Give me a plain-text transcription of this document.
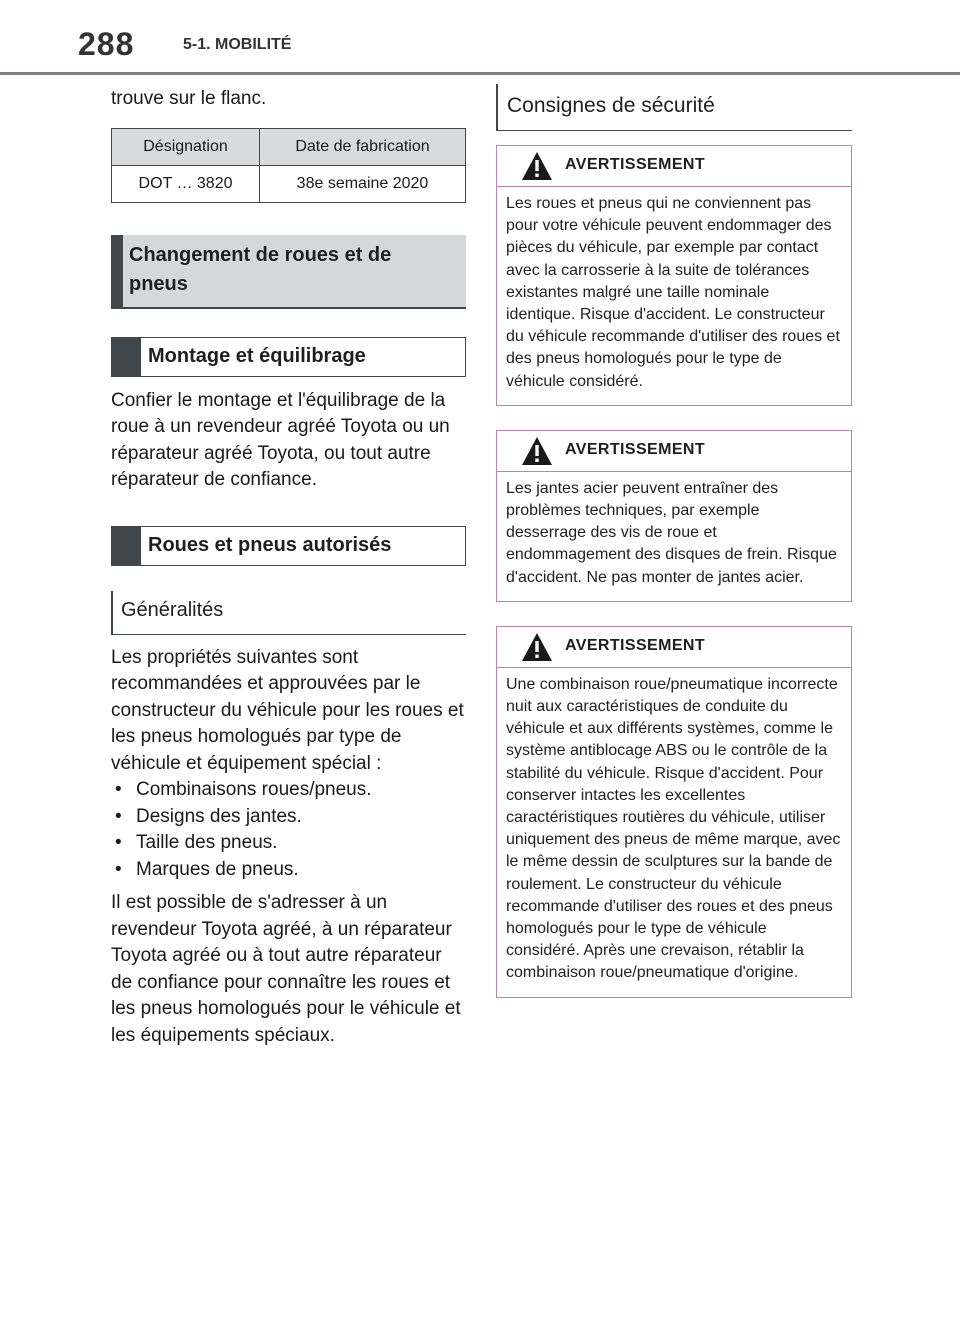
288	5-1. MOBILITÉ

trouve sur le flanc.

Désignation	Date de fabrication
DOT … 3820	38e semaine 2020
Changement de roues et de
pneus
Montage et équilibrage

Confier le montage et l'équilibrage de la roue à un revendeur agréé Toyota ou un réparateur agréé Toyota, ou tout autre réparateur de confiance.

Roues et pneus autorisés
Généralités

Les propriétés suivantes sont recommandées et approuvées par le constructeur du véhicule pour les roues et les pneus homologués par type de véhicule et équipement spécial :

• Combinaisons roues/pneus.
• Designs des jantes.
• Taille des pneus.
• Marques de pneus.

Il est possible de s'adresser à un revendeur Toyota agréé, à un réparateur Toyota agréé ou à tout autre réparateur de confiance pour connaître les roues et les pneus homologués pour le véhicule et les équipements spéciaux.

Consignes de sécurité
AVERTISSEMENT
Les roues et pneus qui ne conviennent pas pour votre véhicule peuvent endommager des pièces du véhicule, par exemple par contact avec la carrosserie à la suite de tolérances existantes malgré une taille nominale identique. Risque d'accident. Le constructeur du véhicule recommande d'utiliser des roues et des pneus homologués pour le type de véhicule considéré.
AVERTISSEMENT
Les jantes acier peuvent entraîner des problèmes techniques, par exemple desserrage des vis de roue et endommagement des disques de frein. Risque d'accident. Ne pas monter de jantes acier.
AVERTISSEMENT
Une combinaison roue/pneumatique incorrecte nuit aux caractéristiques de conduite du véhicule et aux différents systèmes, comme le système antiblocage ABS ou le contrôle de la stabilité du véhicule. Risque d'accident. Pour conserver intactes les excellentes caractéristiques routières du véhicule, utiliser uniquement des pneus de même marque, avec le même dessin de sculptures sur la bande de roulement. Le constructeur du véhicule recommande d'utiliser des roues et des pneus homologués pour le type de véhicule considéré. Après une crevaison, rétablir la combinaison roue/pneumatique d'origine.
